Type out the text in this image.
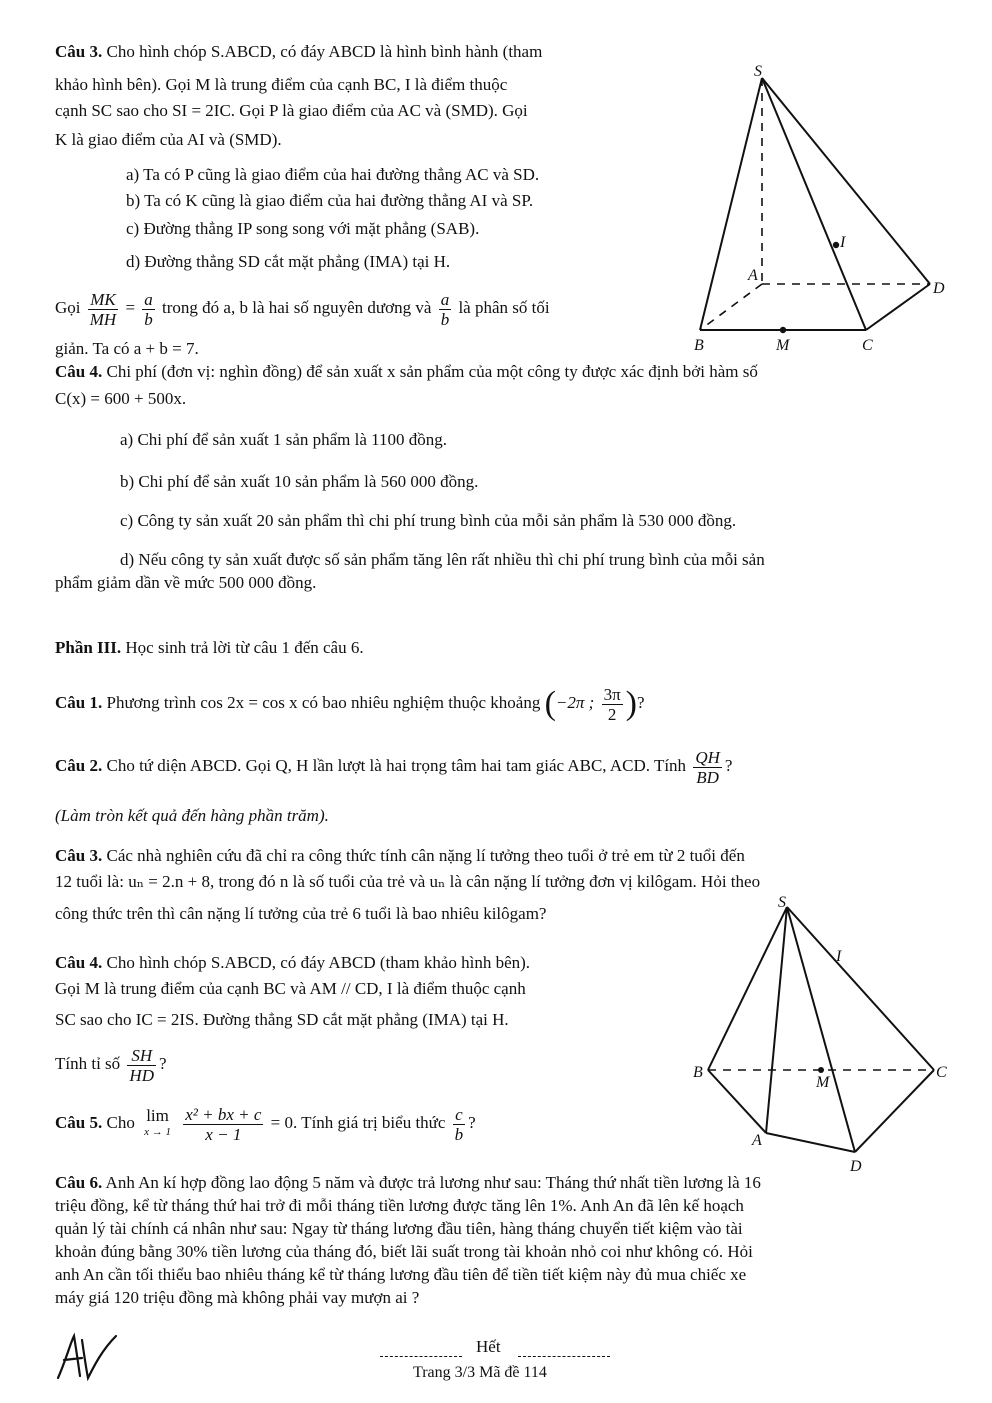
Câu 3. Cho hình chóp S.ABCD, có đáy ABCD là hình bình hành (tham
khảo hình bên). Gọi M là trung điểm của cạnh BC, I là điểm thuộc
cạnh SC sao cho SI = 2IC. Gọi P là giao điểm của AC và (SMD). Gọi
K là giao điểm của AI và (SMD).
a) Ta có P cũng là giao điểm của hai đường thẳng AC và SD.
b) Ta có K cũng là giao điểm của hai đường thẳng AI và SP.
c) Đường thẳng IP song song với mặt phẳng (SAB).
d) Đường thẳng SD cắt mặt phẳng (IMA) tại H.
Gọi $\frac{MK}{MH} = \frac{a}{b}$ trong đó a, b là hai số nguyên dương và $\frac{a}{b}$ là phân số tối
giản. Ta có a + b = 7.
S
I
A
D
B	M	C
Câu 4. Chi phí (đơn vị: nghìn đồng) để sản xuất x sản phẩm của một công ty được xác định bởi hàm số
C(x) = 600 + 500x.
a) Chi phí để sản xuất 1 sản phẩm là 1100 đồng.
b) Chi phí để sản xuất 10 sản phẩm là 560 000 đồng.
c) Công ty sản xuất 20 sản phẩm thì chi phí trung bình của mỗi sản phẩm là 530 000 đồng.
d) Nếu công ty sản xuất được số sản phẩm tăng lên rất nhiều thì chi phí trung bình của mỗi sản
phẩm giảm dần về mức 500 000 đồng.
Phần III. Học sinh trả lời từ câu 1 đến câu 6.
Câu 1. Phương trình cos 2x = cos x có bao nhiêu nghiệm thuộc khoảng (−2π ; $\frac{3\pi}{2}$ )?
Câu 2. Cho tứ diện ABCD. Gọi Q, H lần lượt là hai trọng tâm hai tam giác ABC, ACD. Tính $\frac{QH}{BD}$ ?
(Làm tròn kết quả đến hàng phần trăm).
Câu 3. Các nhà nghiên cứu đã chỉ ra công thức tính cân nặng lí tưởng theo tuổi ở trẻ em từ 2 tuổi đến
12 tuổi là: uₙ = 2.n + 8, trong đó n là số tuổi của trẻ và uₙ là cân nặng lí tưởng đơn vị kilôgam. Hỏi theo
công thức trên thì cân nặng lí tưởng của trẻ 6 tuổi là bao nhiêu kilôgam?
Câu 4. Cho hình chóp S.ABCD, có đáy ABCD (tham khảo hình bên).
Gọi M là trung điểm của cạnh BC và AM // CD, I là điểm thuộc cạnh
SC sao cho IC = 2IS. Đường thẳng SD cắt mặt phẳng (IMA) tại H.
Tính tỉ số $\frac{SH}{HD}$ ?
Câu 5. Cho lim
x → 1
$\frac{\text{x² + bx + c}}{x - 1} = 0$. Tính giá trị biểu thức $\frac{c}{b}$ ?
S
I
B
M
C
A
D
Câu 6. Anh An kí hợp đồng lao động 5 năm và được trả lương như sau: Tháng thứ nhất tiền lương là 16
triệu đồng, kể từ tháng thứ hai trở đi mỗi tháng tiền lương được tăng lên 1%. Anh An đã lên kế hoạch
quản lý tài chính cá nhân như sau: Ngay từ tháng lương đầu tiên, hàng tháng chuyển tiết kiệm vào tài
khoản đúng bằng 30% tiền lương của tháng đó, biết lãi suất trong tài khoản nhỏ coi như không có. Hỏi
anh An cần tối thiểu bao nhiêu tháng kể từ tháng lương đầu tiên để tiền tiết kiệm này đủ mua chiếc xe
máy giá 120 triệu đồng mà không phải vay mượn ai ?
Hết
Trang 3/3 Mã đề 114
